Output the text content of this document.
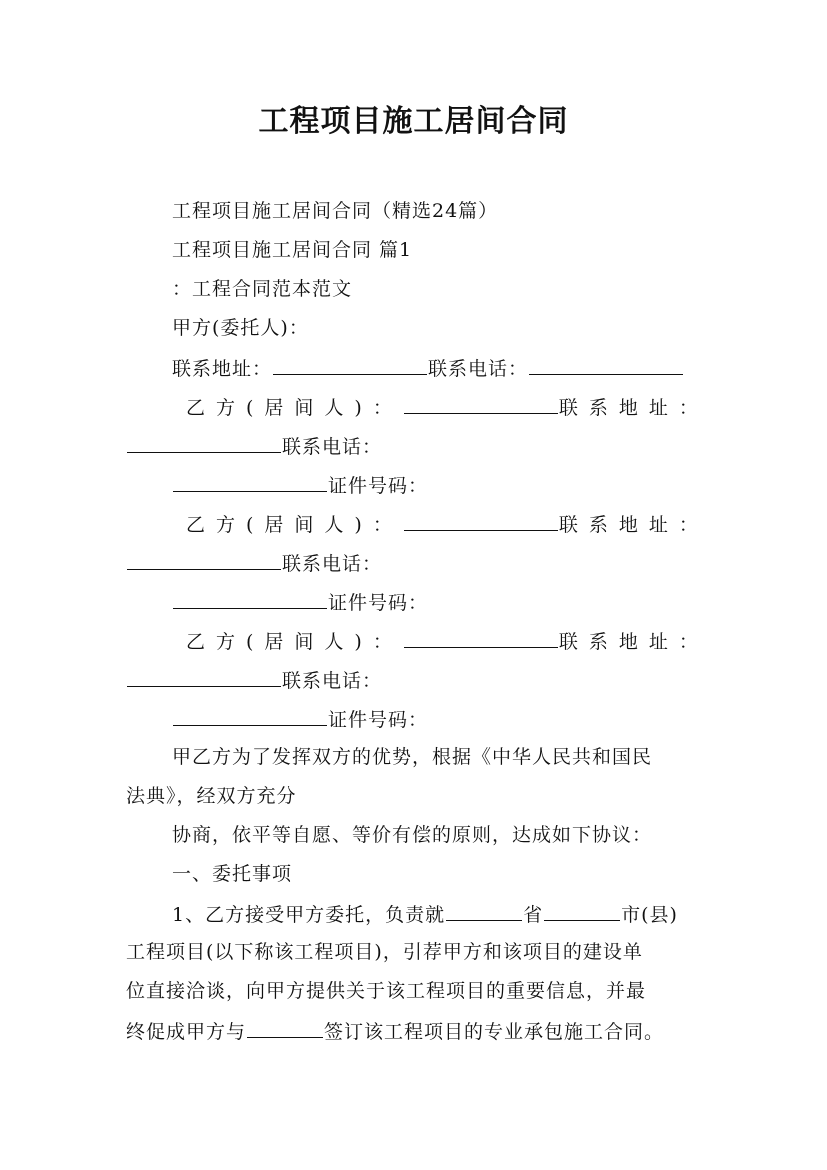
工程项目施工居间合同
工程项目施工居间合同（精选24篇）
工程项目施工居间合同 篇1
：工程合同范本范文
甲方(委托人)：
联系地址：	联系电话：
乙方(居间人)：	联系地址：
联系电话：
证件号码：
乙方(居间人)：	联系地址：
联系电话：
证件号码：
乙方(居间人)：	联系地址：
联系电话：
证件号码：
甲乙方为了发挥双方的优势，根据《中华人民共和国民
法典》，经双方充分
协商，依平等自愿、等价有偿的原则，达成如下协议：
一、委托事项
1、乙方接受甲方委托，负责就	省	市(县)
工程项目(以下称该工程项目)，引荐甲方和该项目的建设单
位直接洽谈，向甲方提供关于该工程项目的重要信息，并最
终促成甲方与	签订该工程项目的专业承包施工合同。
